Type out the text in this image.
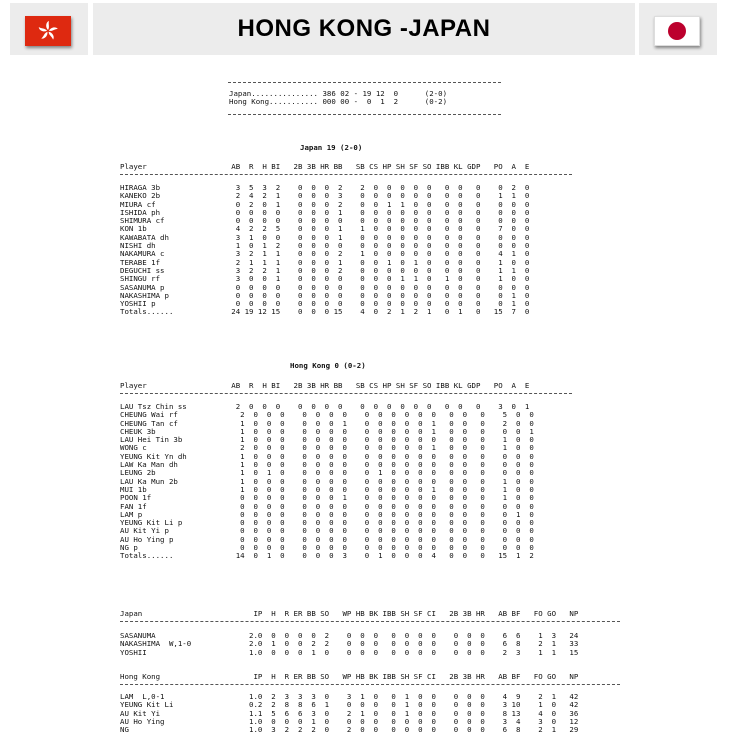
HONG KONG -JAPAN
Japan............... 386 02 - 19 12  0      (2-0)
Hong Kong........... 000 00 -  0  1  2      (0-2)
Japan 19 (2-0)
Player                   AB  R  H BI   2B 3B HR BB   SB CS HP SH SF SO IBB KL GDP   PO  A  E
HIRAGA 3b                 3  5  3  2    0  0  0  2    2  0  0  0  0  0   0  0   0    0  2  0
KANEKO 2b                 2  4  2  1    0  0  0  3    0  0  0  0  0  0   0  0   0    1  1  0
MIURA cf                  0  2  0  1    0  0  0  2    0  0  1  1  0  0   0  0   0    0  0  0
ISHIDA ph                 0  0  0  0    0  0  0  1    0  0  0  0  0  0   0  0   0    0  0  0
SHIMURA cf                0  0  0  0    0  0  0  0    0  0  0  0  0  0   0  0   0    0  0  0
KON 1b                    4  2  2  5    0  0  0  1    1  0  0  0  0  0   0  0   0    7  0  0
KAWABATA dh               3  1  0  0    0  0  0  1    0  0  0  0  0  0   0  0   0    0  0  0
NISHI dh                  1  0  1  2    0  0  0  0    0  0  0  0  0  0   0  0   0    0  0  0
NAKAMURA c                3  2  1  1    0  0  0  2    1  0  0  0  0  0   0  0   0    4  1  0
TERABE 1f                 2  1  1  1    0  0  0  1    0  0  1  0  1  0   0  0   0    1  0  0
DEGUCHI ss                3  2  2  1    0  0  0  2    0  0  0  0  0  0   0  0   0    1  1  0
SHINGU rf                 3  0  0  1    0  0  0  0    0  0  0  1  1  0   1  0   0    1  0  0
SASANUMA p                0  0  0  0    0  0  0  0    0  0  0  0  0  0   0  0   0    0  0  0
NAKASHIMA p               0  0  0  0    0  0  0  0    0  0  0  0  0  0   0  0   0    0  1  0
YOSHII p                  0  0  0  0    0  0  0  0    0  0  0  0  0  0   0  0   0    0  1  0
Totals......             24 19 12 15    0  0  0 15    4  0  2  1  2  1   0  1   0   15  7  0
Hong Kong 0 (0-2)
Player                   AB  R  H BI   2B 3B HR BB   SB CS HP SH SF SO IBB KL GDP   PO  A  E
LAU Tsz Chin ss           2  0  0  0    0  0  0  0    0  0  0  0  0  0   0  0   0    3  0  1
CHEUNG Wai rf              2  0  0  0    0  0  0  0    0  0  0  0  0  0   0  0   0    5  0  0
CHEUNG Tan cf              1  0  0  0    0  0  0  1    0  0  0  0  0  1   0  0   0    2  0  0
CHEUK 3b                   1  0  0  0    0  0  0  0    0  0  0  0  0  1   0  0   0    0  0  1
LAU Hei Tin 3b             1  0  0  0    0  0  0  0    0  0  0  0  0  0   0  0   0    1  0  0
WONG c                     2  0  0  0    0  0  0  0    0  0  0  0  0  1   0  0   0    1  0  0
YEUNG Kit Yn dh            1  0  0  0    0  0  0  0    0  0  0  0  0  0   0  0   0    0  0  0
LAW Ka Man dh              1  0  0  0    0  0  0  0    0  0  0  0  0  0   0  0   0    0  0  0
LEUNG 2b                   1  0  1  0    0  0  0  0    0  1  0  0  0  0   0  0   0    0  0  0
LAU Ka Mun 2b              1  0  0  0    0  0  0  0    0  0  0  0  0  0   0  0   0    1  0  0
MUI 1b                     1  0  0  0    0  0  0  0    0  0  0  0  0  1   0  0   0    1  0  0
POON 1f                    0  0  0  0    0  0  0  1    0  0  0  0  0  0   0  0   0    1  0  0
FAN 1f                     0  0  0  0    0  0  0  0    0  0  0  0  0  0   0  0   0    0  0  0
LAM p                      0  0  0  0    0  0  0  0    0  0  0  0  0  0   0  0   0    0  1  0
YEUNG Kit Li p             0  0  0  0    0  0  0  0    0  0  0  0  0  0   0  0   0    0  0  0
AU Kit Yi p                0  0  0  0    0  0  0  0    0  0  0  0  0  0   0  0   0    0  0  0
AU Ho Ying p               0  0  0  0    0  0  0  0    0  0  0  0  0  0   0  0   0    0  0  0
NG p                       0  0  0  0    0  0  0  0    0  0  0  0  0  0   0  0   0    0  0  0
Totals......              14  0  1  0    0  0  0  3    0  1  0  0  0  4   0  0   0   15  1  2
Japan                         IP  H  R ER BB SO   WP HB BK IBB SH SF CI   2B 3B HR   AB BF   FO GO   NP
SASANUMA                     2.0  0  0  0  0  2    0  0  0   0  0  0  0    0  0  0    6  6    1  3   24
NAKASHIMA  W,1-0             2.0  1  0  0  2  2    0  0  0   0  0  0  0    0  0  0    6  8    2  1   33
YOSHII                       1.0  0  0  0  1  0    0  0  0   0  0  0  0    0  0  0    2  3    1  1   15
Hong Kong                     IP  H  R ER BB SO   WP HB BK IBB SH SF CI   2B 3B HR   AB BF   FO GO   NP
LAM  L,0-1                   1.0  2  3  3  3  0    3  1  0   0  1  0  0    0  0  0    4  9    2  1   42
YEUNG Kit Li                 0.2  2  8  8  6  1    0  0  0   0  1  0  0    0  0  0    3 10    1  0   42
AU Kit Yi                    1.1  5  6  6  3  0    2  1  0   0  1  0  0    0  0  0    8 13    4  0   36
AU Ho Ying                   1.0  0  0  0  1  0    0  0  0   0  0  0  0    0  0  0    3  4    3  0   12
NG                           1.0  3  2  2  2  0    2  0  0   0  0  0  0    0  0  0    6  8    2  1   29
